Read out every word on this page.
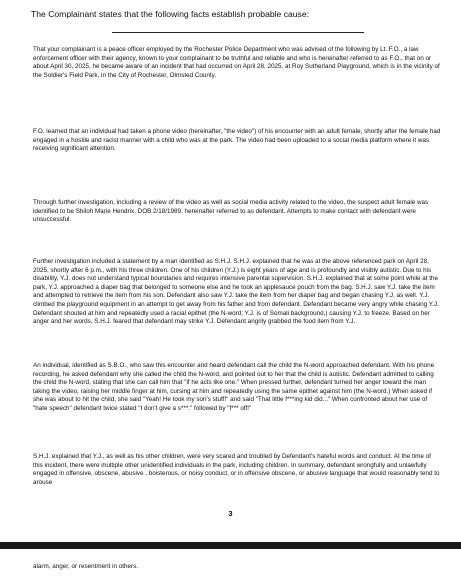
The Complainant states that the following facts establish probable cause:

That your complainant is a peace officer employed by the Rochester Police Department who was advised of the following by Lt. F.O., a law enforcement officer with their agency, known to your complainant to be truthful and reliable and who is hereinafter referred to as F.O., that on or about April 30, 2025, he became aware of an incident that had occurred on April 28, 2025, at Roy Sutherland Playground, which is in the vicinity of the Soldier's Field Park, in the City of Rochester, Olmsted County.

F.O. learned that an individual had taken a phone video (hereinafter, "the video") of his encounter with an adult female, shortly after the female had engaged in a hostile and racist manner with a child who was at the park. The video had been uploaded to a social media platform where it was receiving significant attention.

Through further investigation, including a review of the video as well as social media activity related to the video, the suspect adult female was identified to be Shiloh Marie Hendrix, DOB 2/18/1989, hereinafter referred to as defendant. Attempts to make contact with defendant were unsuccessful.

Further investigation included a statement by a man identified as S.H.J. S.H.J. explained that he was at the above referenced park on April 28, 2025, shortly after 6 p.m., with his three children. One of his children (Y.J.) is eight years of age and is profoundly and visibly autistic. Due to his disability, Y.J. does not understand typical boundaries and requires intensive parental supervision. S.H.J. explained that at some point while at the park, Y.J. approached a diaper bag that belonged to someone else and he took an applesauce pouch from the bag. S.H.J. saw Y.J. take the item and attempted to retrieve the item from his son. Defendant also saw Y.J. take the item from her diaper bag and began chasing Y.J. as well. Y.J. climbed the playground equipment in an attempt to get away from his father and from defendant. Defendant became very angry while chasing Y.J. Defendant shouted at him and repeatedly used a racial epithet (the N-word; Y.J. is of Somali background,) causing Y.J. to freeze. Based on her anger and her words, S.H.J. feared that defendant may strike Y.J. Defendant angrily grabbed the food item from Y.J.

An individual, identified as S.B.O., who saw this encounter and heard defendant call the child the N-word approached defendant. With his phone recording, he asked defendant why she called the child the N-word, and pointed out to her that the child is autistic. Defendant admitted to calling the child the N-word, stating that she can call him that "if he acts like one." When pressed further, defendant turned her anger toward the man taking the video, raising her middle finger at him, cursing at him and repeatedly using the same epithet against him (the N-word.) When asked if she was about to hit the child, she said "Yeah! He took my son's stuff!" and said "That little f***ing kid did..." When confronted about her use of "hate speech" defendant twice stated "I don't give a s***." followed by "f*** off!"

S.H.J. explained that Y.J., as well as his other children, were very scared and troubled by Defendant's hateful words and conduct. At the time of this incident, there were multiple other unidentified individuals in the park, including children. In summary, defendant wrongfully and unlawfully engaged in offensive, obscene, abusive , boisterous, or noisy conduct, or in offensive obscene, or abusive language that would reasonably tend to arouse

3
alarm, anger, or resentment in others.
